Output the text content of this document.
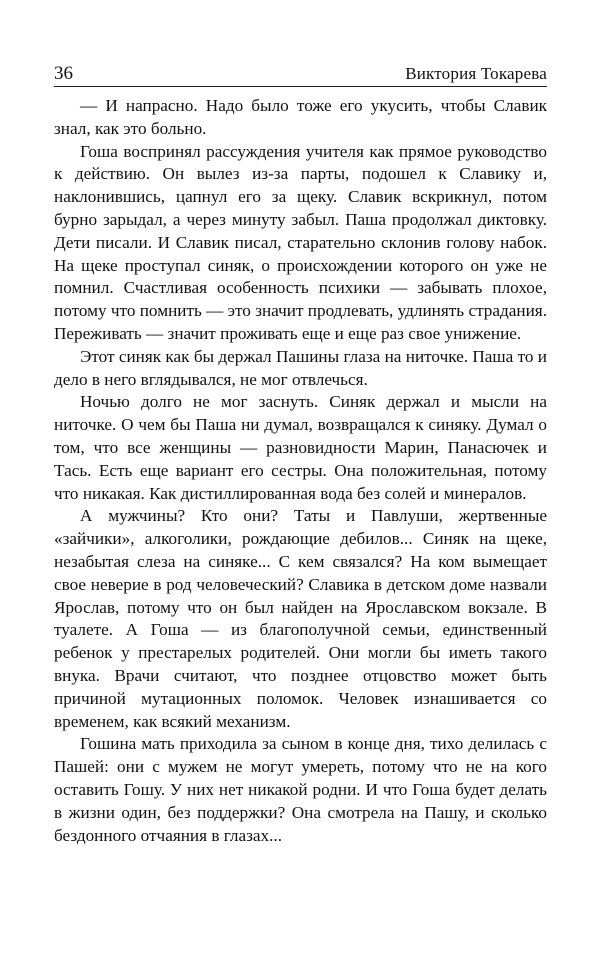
36	Виктория Токарева

— И напрасно. Надо было тоже его укусить, чтобы Славик знал, как это больно.

Гоша воспринял рассуждения учителя как прямое руководство к действию. Он вылез из-за парты, подошел к Славику и, наклонившись, цапнул его за щеку. Славик вскрикнул, потом бурно зарыдал, а через минуту забыл. Паша продолжал диктовку. Дети писали. И Славик писал, старательно склонив голову набок. На щеке проступал синяк, о происхождении которого он уже не помнил. Счастливая особенность психики — забывать плохое, потому что помнить — это значит продлевать, удлинять страдания. Переживать — значит проживать еще и еще раз свое унижение.

Этот синяк как бы держал Пашины глаза на ниточке. Паша то и дело в него вглядывался, не мог отвлечься.

Ночью долго не мог заснуть. Синяк держал и мысли на ниточке. О чем бы Паша ни думал, возвращался к синяку. Думал о том, что все женщины — разновидности Марин, Панасючек и Тась. Есть еще вариант его сестры. Она положительная, потому что никакая. Как дистиллированная вода без солей и минералов.

А мужчины? Кто они? Таты и Павлуши, жертвенные «зайчики», алкоголики, рождающие дебилов... Синяк на щеке, незабытая слеза на синяке... С кем связался? На ком вымещает свое неверие в род человеческий? Славика в детском доме назвали Ярослав, потому что он был найден на Ярославском вокзале. В туалете. А Гоша — из благополучной семьи, единственный ребенок у престарелых родителей. Они могли бы иметь такого внука. Врачи считают, что позднее отцовство может быть причиной мутационных поломок. Человек изнашивается со временем, как всякий механизм.

Гошина мать приходила за сыном в конце дня, тихо делилась с Пашей: они с мужем не могут умереть, потому что не на кого оставить Гошу. У них нет никакой родни. И что Гоша будет делать в жизни один, без поддержки? Она смотрела на Пашу, и сколько бездонного отчаяния в глазах...
